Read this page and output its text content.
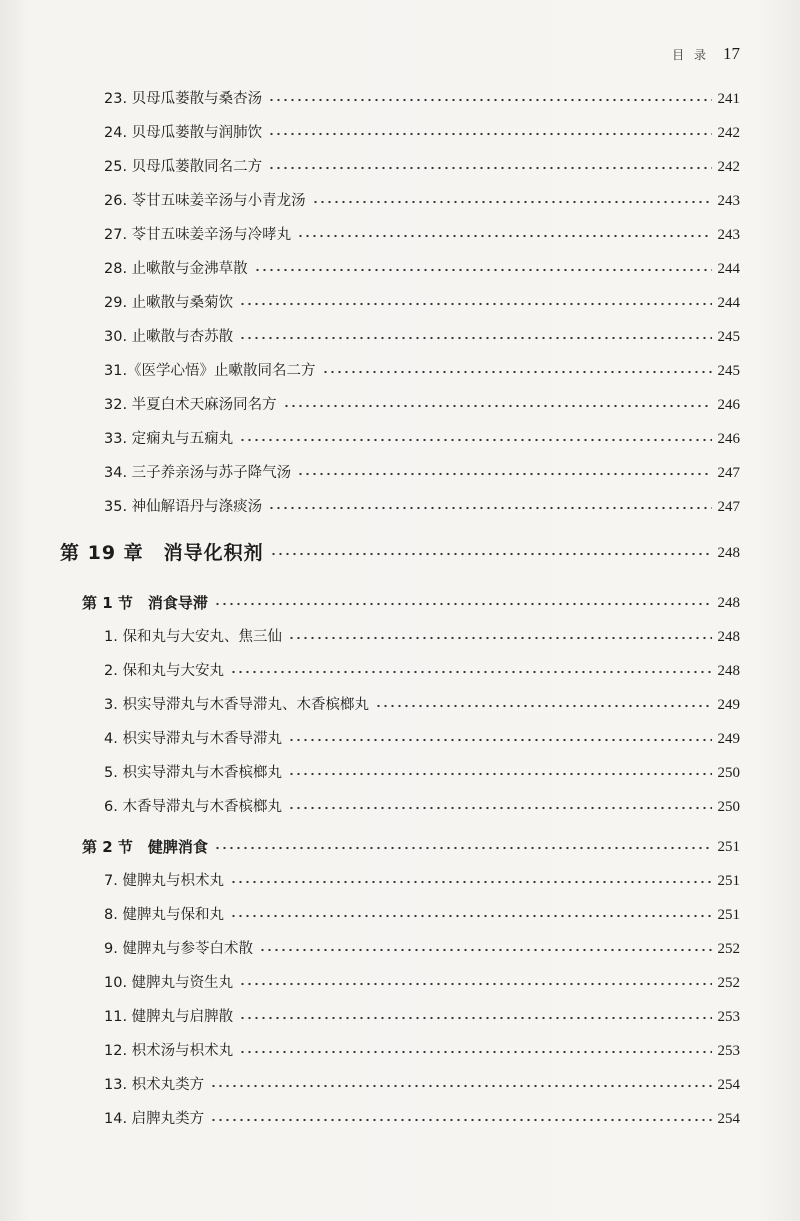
目 录 17
23. 贝母瓜蒌散与桑杏汤	241
24. 贝母瓜蒌散与润肺饮	242
25. 贝母瓜蒌散同名二方	242
26. 苓甘五味姜辛汤与小青龙汤	243
27. 苓甘五味姜辛汤与冷哮丸	243
28. 止嗽散与金沸草散	244
29. 止嗽散与桑菊饮	244
30. 止嗽散与杏苏散	245
31.《医学心悟》止嗽散同名二方	245
32. 半夏白术天麻汤同名方	246
33. 定痫丸与五痫丸	246
34. 三子养亲汤与苏子降气汤	247
35. 神仙解语丹与涤痰汤	247
第 19 章　消导化积剂	248
第 1 节　消食导滞	248
1. 保和丸与大安丸、焦三仙	248
2. 保和丸与大安丸	248
3. 枳实导滞丸与木香导滞丸、木香槟榔丸	249
4. 枳实导滞丸与木香导滞丸	249
5. 枳实导滞丸与木香槟榔丸	250
6. 木香导滞丸与木香槟榔丸	250
第 2 节　健脾消食	251
7. 健脾丸与枳术丸	251
8. 健脾丸与保和丸	251
9. 健脾丸与参苓白术散	252
10. 健脾丸与资生丸	252
11. 健脾丸与启脾散	253
12. 枳术汤与枳术丸	253
13. 枳术丸类方	254
14. 启脾丸类方	254
